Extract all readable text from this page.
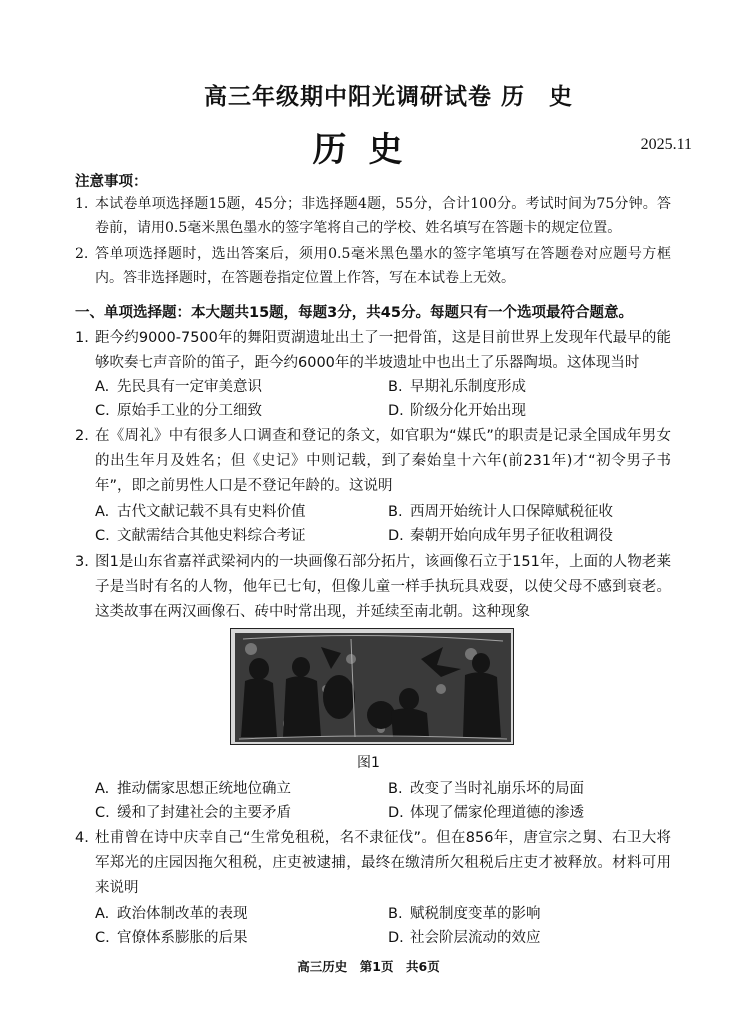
高三年级期中阳光调研试卷 历　史
历史	2025.11
注意事项：
1. 本试卷单项选择题15题，45分；非选择题4题，55分，合计100分。考试时间为75分钟。答卷前，请用0.5毫米黑色墨水的签字笔将自己的学校、姓名填写在答题卡的规定位置。
2. 答单项选择题时，选出答案后，须用0.5毫米黑色墨水的签字笔填写在答题卷对应题号方框内。答非选择题时，在答题卷指定位置上作答，写在本试卷上无效。
一、单项选择题：本大题共15题，每题3分，共45分。每题只有一个选项最符合题意。
1. 距今约9000-7500年的舞阳贾湖遗址出土了一把骨笛，这是目前世界上发现年代最早的能够吹奏七声音阶的笛子，距今约6000年的半坡遗址中也出土了乐器陶埙。这体现当时
A. 先民具有一定审美意识	B. 早期礼乐制度形成
C. 原始手工业的分工细致	D. 阶级分化开始出现
2. 在《周礼》中有很多人口调查和登记的条文，如官职为“媒氏”的职责是记录全国成年男女的出生年月及姓名；但《史记》中则记载，到了秦始皇十六年(前231年)才“初令男子书年”，即之前男性人口是不登记年龄的。这说明
A. 古代文献记载不具有史料价值	B. 西周开始统计人口保障赋税征收
C. 文献需结合其他史料综合考证	D. 秦朝开始向成年男子征收租调役
3. 图1是山东省嘉祥武梁祠内的一块画像石部分拓片，该画像石立于151年，上面的人物老莱子是当时有名的人物，他年已七旬，但像儿童一样手执玩具戏耍，以使父母不感到衰老。这类故事在两汉画像石、砖中时常出现，并延续至南北朝。这种现象
图1
A. 推动儒家思想正统地位确立	B. 改变了当时礼崩乐坏的局面
C. 缓和了封建社会的主要矛盾	D. 体现了儒家伦理道德的渗透
4. 杜甫曾在诗中庆幸自己“生常免租税，名不隶征伐”。但在856年，唐宣宗之舅、右卫大将军郑光的庄园因拖欠租税，庄吏被逮捕，最终在缴清所欠租税后庄吏才被释放。材料可用来说明
A. 政治体制改革的表现	B. 赋税制度变革的影响
C. 官僚体系膨胀的后果	D. 社会阶层流动的效应
高三历史　第1页　共6页
